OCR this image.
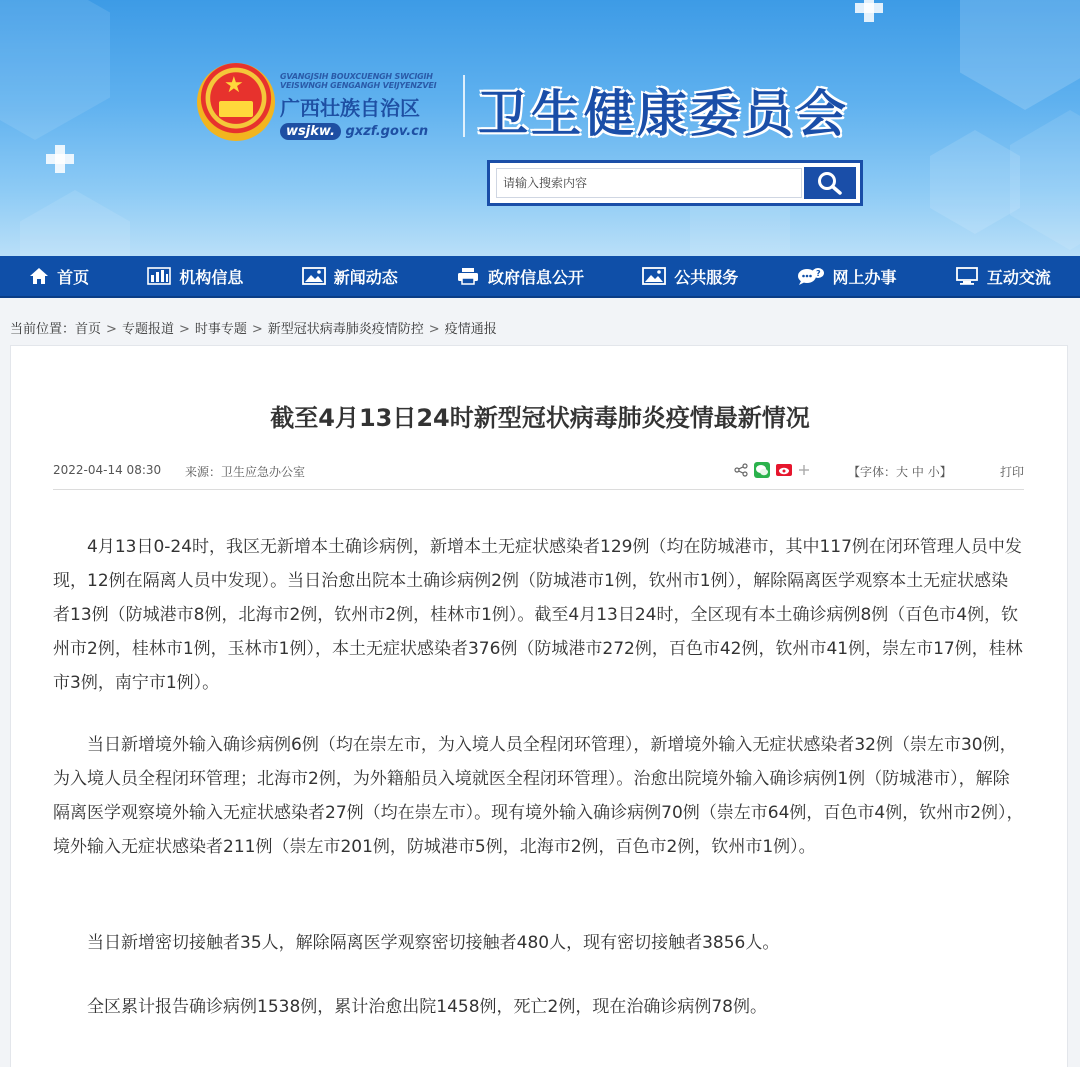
★	GVANGJSIH BOUXCUENGH SWCIGIH
VEISWNGH GENGANGH VEIJYENZVEI
广西壮族自治区
wsjkw. gxzf.gov.cn 卫生健康委员会
请输入搜索内容
首页	机构信息	新闻动态	政府信息公开	公共服务	? 网上办事	互动交流
当前位置：首页 > 专题报道 > 时事专题 > 新型冠状病毒肺炎疫情防控 > 疫情通报
截至4月13日24时新型冠状病毒肺炎疫情最新情况
2022-04-14 08:30 来源：卫生应急办公室	【字体：大 中 小】	打印

4月13日0-24时，我区无新增本土确诊病例，新增本土无症状感染者129例（均在防城港市，其中117例在闭环管理人员中发现，12例在隔离人员中发现）。当日治愈出院本土确诊病例2例（防城港市1例，钦州市1例），解除隔离医学观察本土无症状感染者13例（防城港市8例，北海市2例，钦州市2例，桂林市1例）。截至4月13日24时，全区现有本土确诊病例8例（百色市4例，钦州市2例，桂林市1例，玉林市1例），本土无症状感染者376例（防城港市272例，百色市42例，钦州市41例，崇左市17例，桂林市3例，南宁市1例）。

当日新增境外输入确诊病例6例（均在崇左市，为入境人员全程闭环管理），新增境外输入无症状感染者32例（崇左市30例，为入境人员全程闭环管理；北海市2例，为外籍船员入境就医全程闭环管理）。治愈出院境外输入确诊病例1例（防城港市），解除隔离医学观察境外输入无症状感染者27例（均在崇左市）。现有境外输入确诊病例70例（崇左市64例，百色市4例，钦州市2例），境外输入无症状感染者211例（崇左市201例，防城港市5例，北海市2例，百色市2例，钦州市1例）。

当日新增密切接触者35人，解除隔离医学观察密切接触者480人，现有密切接触者3856人。

全区累计报告确诊病例1538例，累计治愈出院1458例，死亡2例，现在治确诊病例78例。
